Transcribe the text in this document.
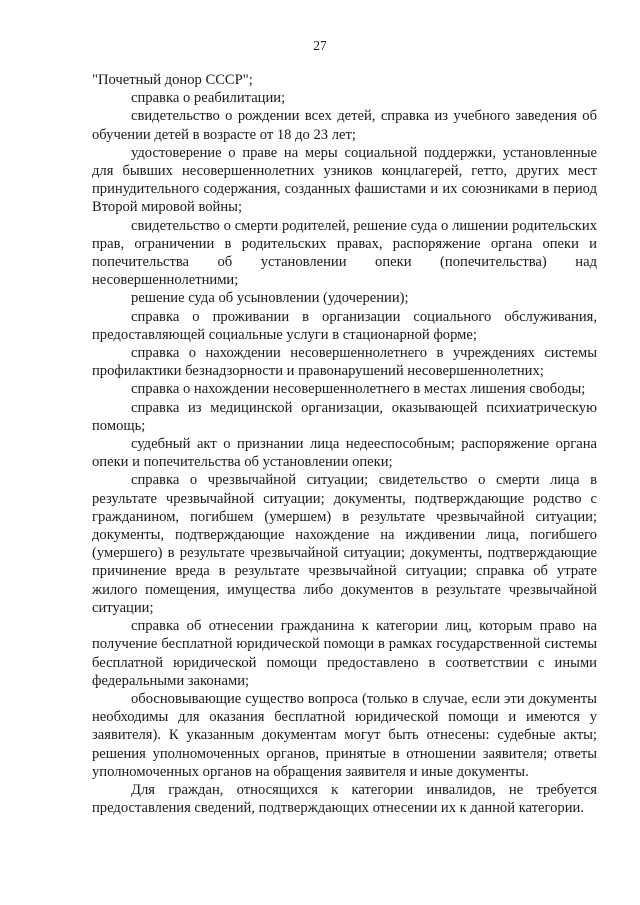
27

"Почетный донор СССР";

справка о реабилитации;

свидетельство о рождении всех детей, справка из учебного заведения об обучении детей в возрасте от 18 до 23 лет;

удостоверение о праве на меры социальной поддержки, установленные для бывших несовершеннолетних узников концлагерей, гетто, других мест принудительного содержания, созданных фашистами и их союзниками в период Второй мировой войны;

свидетельство о смерти родителей, решение суда о лишении родительских прав, ограничении в родительских правах, распоряжение органа опеки и попечительства об установлении опеки (попечительства) над несовершеннолетними;

решение суда об усыновлении (удочерении);

справка о проживании в организации социального обслуживания, предоставляющей социальные услуги в стационарной форме;

справка о нахождении несовершеннолетнего в учреждениях системы профилактики безнадзорности и правонарушений несовершеннолетних;

справка о нахождении несовершеннолетнего в местах лишения свободы;

справка из медицинской организации, оказывающей психиатрическую помощь;

судебный акт о признании лица недееспособным; распоряжение органа опеки и попечительства об установлении опеки;

справка о чрезвычайной ситуации; свидетельство о смерти лица в результате чрезвычайной ситуации; документы, подтверждающие родство с гражданином, погибшем (умершем) в результате чрезвычайной ситуации; документы, подтверждающие нахождение на иждивении лица, погибшего (умершего) в результате чрезвычайной ситуации; документы, подтверждающие причинение вреда в результате чрезвычайной ситуации; справка об утрате жилого помещения, имущества либо документов в результате чрезвычайной ситуации;

справка об отнесении гражданина к категории лиц, которым право на получение бесплатной юридической помощи в рамках государственной системы бесплатной юридической помощи предоставлено в соответствии с иными федеральными законами;

обосновывающие существо вопроса (только в случае, если эти документы необходимы для оказания бесплатной юридической помощи и имеются у заявителя). К указанным документам могут быть отнесены: судебные акты; решения уполномоченных органов, принятые в отношении заявителя; ответы уполномоченных органов на обращения заявителя и иные документы.

Для граждан, относящихся к категории инвалидов, не требуется предоставления сведений, подтверждающих отнесении их к данной категории.
